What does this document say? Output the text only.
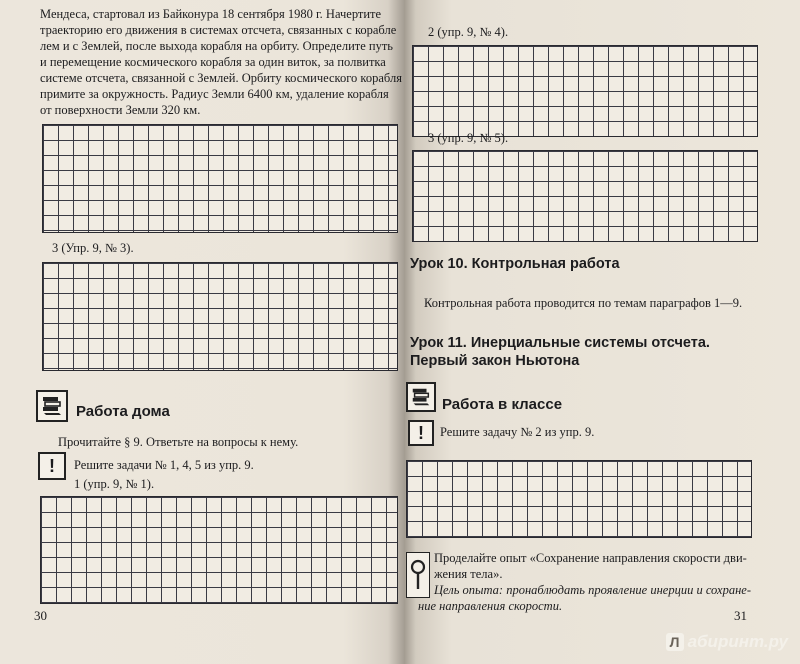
Мендеса, стартовал из Байконура 18 сентября 1980 г. Начертите
траекторию его движения в системах отсчета, связанных с корабле
лем и с Землей, после выхода корабля на орбиту. Определите путь
и перемещение космического корабля за один виток, за полвитка
системе отсчета, связанной с Землей. Орбиту космического корабля
примите за окружность. Радиус Земли 6400 км, удаление корабля
от поверхности Земли 320 км.
3 (Упр. 9, № 3).
Работа дома
Прочитайте § 9. Ответьте на вопросы к нему.
! Решите задачи № 1, 4, 5 из упр. 9.
1 (упр. 9, № 1).
30
2 (упр. 9, № 4).
3 (упр. 9, № 5).
Урок 10. Контрольная работа
Контрольная работа проводится по темам параграфов 1—9.
Урок 11. Инерциальные системы отсчета.
Первый закон Ньютона
Работа в классе
! Решите задачу № 2 из упр. 9.
Проделайте опыт «Сохранение направления скорости дви-
жения тела».
Цель опыта: пронаблюдать проявление инерции и сохране-
ние направления скорости.
31
Л абиринт.ру
